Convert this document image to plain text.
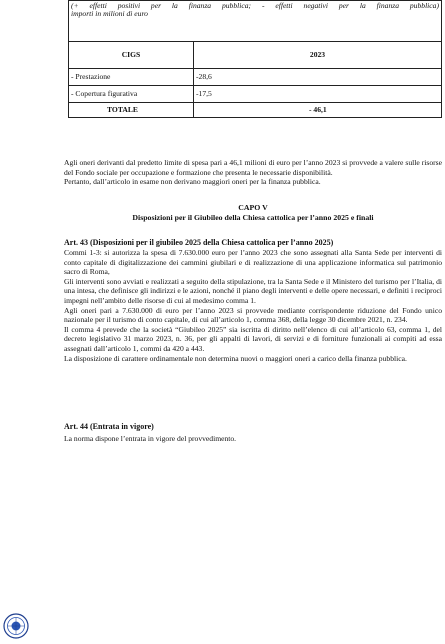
(+ effetti positivi per la finanza pubblica; - effetti negativi per la finanza pubblica)
importi in milioni di euro	

CIGS	2023
- Prestazione	-28,6
- Copertura figurativa	-17,5
TOTALE	- 46,1

Agli oneri derivanti dal predetto limite di spesa pari a 46,1 milioni di euro per l’anno 2023 si provvede a valere sulle risorse del Fondo sociale per occupazione e formazione che presenta le necessarie disponibilità.

Pertanto, dall’articolo in esame non derivano maggiori oneri per la finanza pubblica.

CAPO V
Disposizioni per il Giubileo della Chiesa cattolica per l’anno 2025 e finali
Art. 43 (Disposizioni per il giubileo 2025 della Chiesa cattolica per l’anno 2025)

Commi 1-3: si autorizza la spesa di 7.630.000 euro per l’anno 2023 che sono assegnati alla Santa Sede per interventi di conto capitale di digitalizzazione dei cammini giubilari e di realizzazione di una applicazione informatica sul patrimonio sacro di Roma,

Gli interventi sono avviati e realizzati a seguito della stipulazione, tra la Santa Sede e il Ministero del turismo per l’Italia, di una intesa, che definisce gli indirizzi e le azioni, nonché il piano degli interventi e delle opere necessari, e definiti i reciproci impegni nell’ambito delle risorse di cui al medesimo comma 1.

Agli oneri pari a 7.630.000 di euro per l’anno 2023 si provvede mediante corrispondente riduzione del Fondo unico nazionale per il turismo di conto capitale, di cui all’articolo 1, comma 368, della legge 30 dicembre 2021, n. 234.

Il comma 4 prevede che la società “Giubileo 2025” sia iscritta di diritto nell’elenco di cui all’articolo 63, comma 1, del decreto legislativo 31 marzo 2023, n. 36, per gli appalti di lavori, di servizi e di forniture funzionali ai compiti ad essa assegnati dall’articolo 1, commi da 420 a 443.

La disposizione di carattere ordinamentale non determina nuovi o maggiori oneri a carico della finanza pubblica.

Art. 44 (Entrata in vigore)

La norma dispone l’entrata in vigore del provvedimento.
